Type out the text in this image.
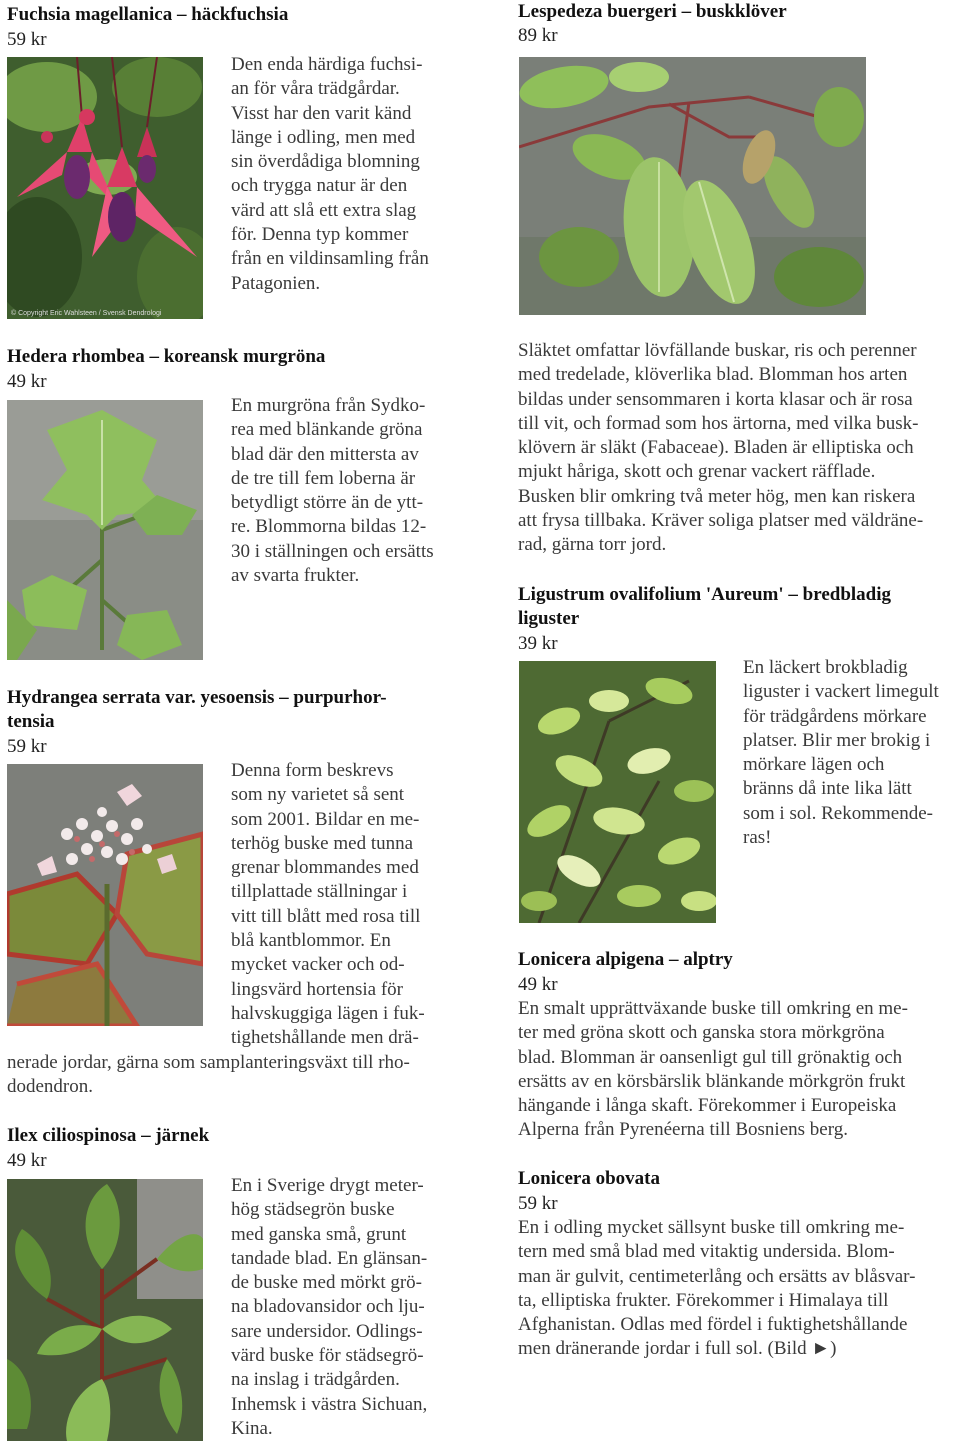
Fuchsia magellanica – häckfuchsia
59 kr
© Copyright Eric Wahlsteen / Svensk Dendrologi
Den enda härdiga fuchsi-
an för våra trädgårdar.
Visst har den varit känd
länge i odling, men med
sin överdådiga blomning
och trygga natur är den
värd att slå ett extra slag
för. Denna typ kommer
från en vildinsamling från
Patagonien.
Hedera rhombea – koreansk murgröna
49 kr
En murgröna från Sydko-
rea med blänkande gröna
blad där den mittersta av
de tre till fem loberna är
betydligt större än de ytt-
re. Blommorna bildas 12-
30 i ställningen och ersätts
av svarta frukter.
Hydrangea serrata var. yesoensis – purpurhor-
tensia
59 kr
Denna form beskrevs
som ny varietet så sent
som 2001. Bildar en me-
terhög buske med tunna
grenar blommandes med
tillplattade ställningar i
vitt till blått med rosa till
blå kantblommor. En
mycket vacker och od-
lingsvärd hortensia för
halvskuggiga lägen i fuk-
tighetshållande men drä-
nerade jordar, gärna som samplanteringsväxt till rho-
dodendron.
Ilex ciliospinosa – järnek
49 kr
En i Sverige drygt meter-
hög städsegrön buske
med ganska små, grunt
tandade blad. En glänsan-
de buske med mörkt grö-
na bladovansidor och lju-
sare undersidor. Odlings-
värd buske för städsegrö-
na inslag i trädgården.
Inhemsk i västra Sichuan,
Kina.
Lespedeza buergeri – buskklöver
89 kr
Släktet omfattar lövfällande buskar, ris och perenner
med tredelade, klöverlika blad. Blomman hos arten
bildas under sensommaren i korta klasar och är rosa
till vit, och formad som hos ärtorna, med vilka busk-
klövern är släkt (Fabaceae). Bladen är elliptiska och
mjukt håriga, skott och grenar vackert räfflade.
Busken blir omkring två meter hög, men kan riskera
att frysa tillbaka. Kräver soliga platser med väldräne-
rad, gärna torr jord.
Ligustrum ovalifolium 'Aureum' – bredbladig
liguster
39 kr
En läckert brokbladig
liguster i vackert limegult
för trädgårdens mörkare
platser. Blir mer brokig i
mörkare lägen och
bränns då inte lika lätt
som i sol. Rekommende-
ras!
Lonicera alpigena – alptry
49 kr
En smalt upprättväxande buske till omkring en me-
ter med gröna skott och ganska stora mörkgröna
blad. Blomman är oansenligt gul till grönaktig och
ersätts av en körsbärslik blänkande mörkgrön frukt
hängande i långa skaft. Förekommer i Europeiska
Alperna från Pyrenéerna till Bosniens berg.
Lonicera obovata
59 kr
En i odling mycket sällsynt buske till omkring me-
tern med små blad med vitaktig undersida. Blom-
man är gulvit, centimeterlång och ersätts av blåsvar-
ta, elliptiska frukter. Förekommer i Himalaya till
Afghanistan. Odlas med fördel i fuktighetshållande
men dränerande jordar i full sol. (Bild ►)
